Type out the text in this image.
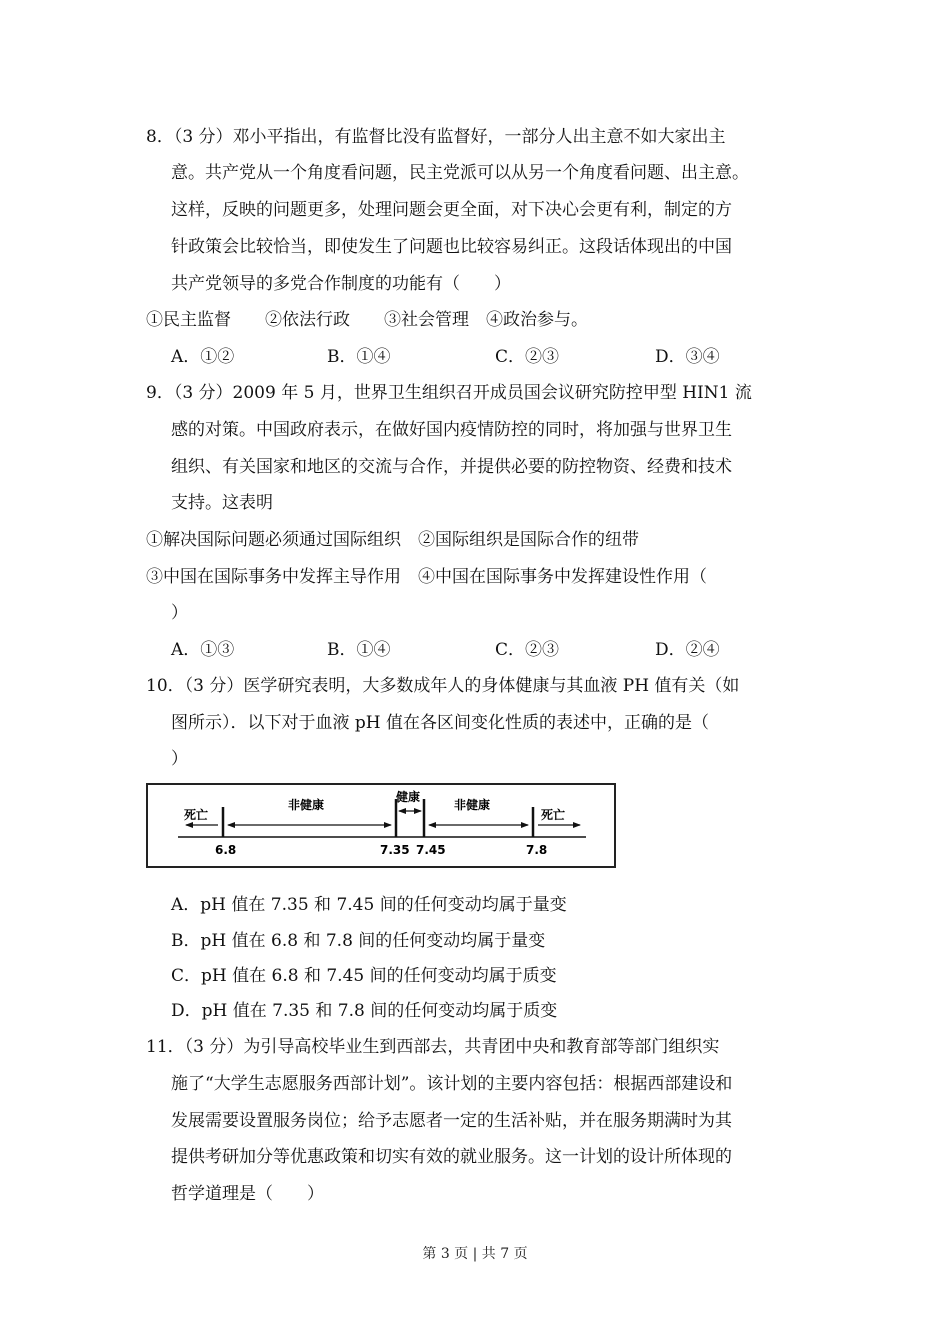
8．（3 分）邓小平指出，有监督比没有监督好，一部分人出主意不如大家出主
意。共产党从一个角度看问题，民主党派可以从另一个角度看问题、出主意。
这样，反映的问题更多，处理问题会更全面，对下决心会更有利，制定的方
针政策会比较恰当，即使发生了问题也比较容易纠正。这段话体现出的中国
共产党领导的多党合作制度的功能有（　　）
①民主监督　　②依法行政　　③社会管理　④政治参与。
A．①②	B．①④	C．②③	D．③④
9．（3 分）2009 年 5 月，世界卫生组织召开成员国会议研究防控甲型 HIN1 流
感的对策。中国政府表示，在做好国内疫情防控的同时，将加强与世界卫生
组织、有关国家和地区的交流与合作，并提供必要的防控物资、经费和技术
支持。这表明
①解决国际问题必须通过国际组织　②国际组织是国际合作的纽带
③中国在国际事务中发挥主导作用　④中国在国际事务中发挥建设性作用（
）
A．①③	B．①④	C．②③	D．②④
10．（3 分）医学研究表明，大多数成年人的身体健康与其血液 PH 值有关（如
图所示）．以下对于血液 pH 值在各区间变化性质的表述中，正确的是（
）
死亡
非健康
健康
非健康
死亡
6.8	7.35 7.45	7.8
A．pH 值在 7.35 和 7.45 间的任何变动均属于量变
B．pH 值在 6.8 和 7.8 间的任何变动均属于量变
C．pH 值在 6.8 和 7.45 间的任何变动均属于质变
D．pH 值在 7.35 和 7.8 间的任何变动均属于质变
11．（3 分）为引导高校毕业生到西部去，共青团中央和教育部等部门组织实
施了“大学生志愿服务西部计划”。该计划的主要内容包括：根据西部建设和
发展需要设置服务岗位；给予志愿者一定的生活补贴，并在服务期满时为其
提供考研加分等优惠政策和切实有效的就业服务。这一计划的设计所体现的
哲学道理是（　　）
第 3 页 | 共 7 页
